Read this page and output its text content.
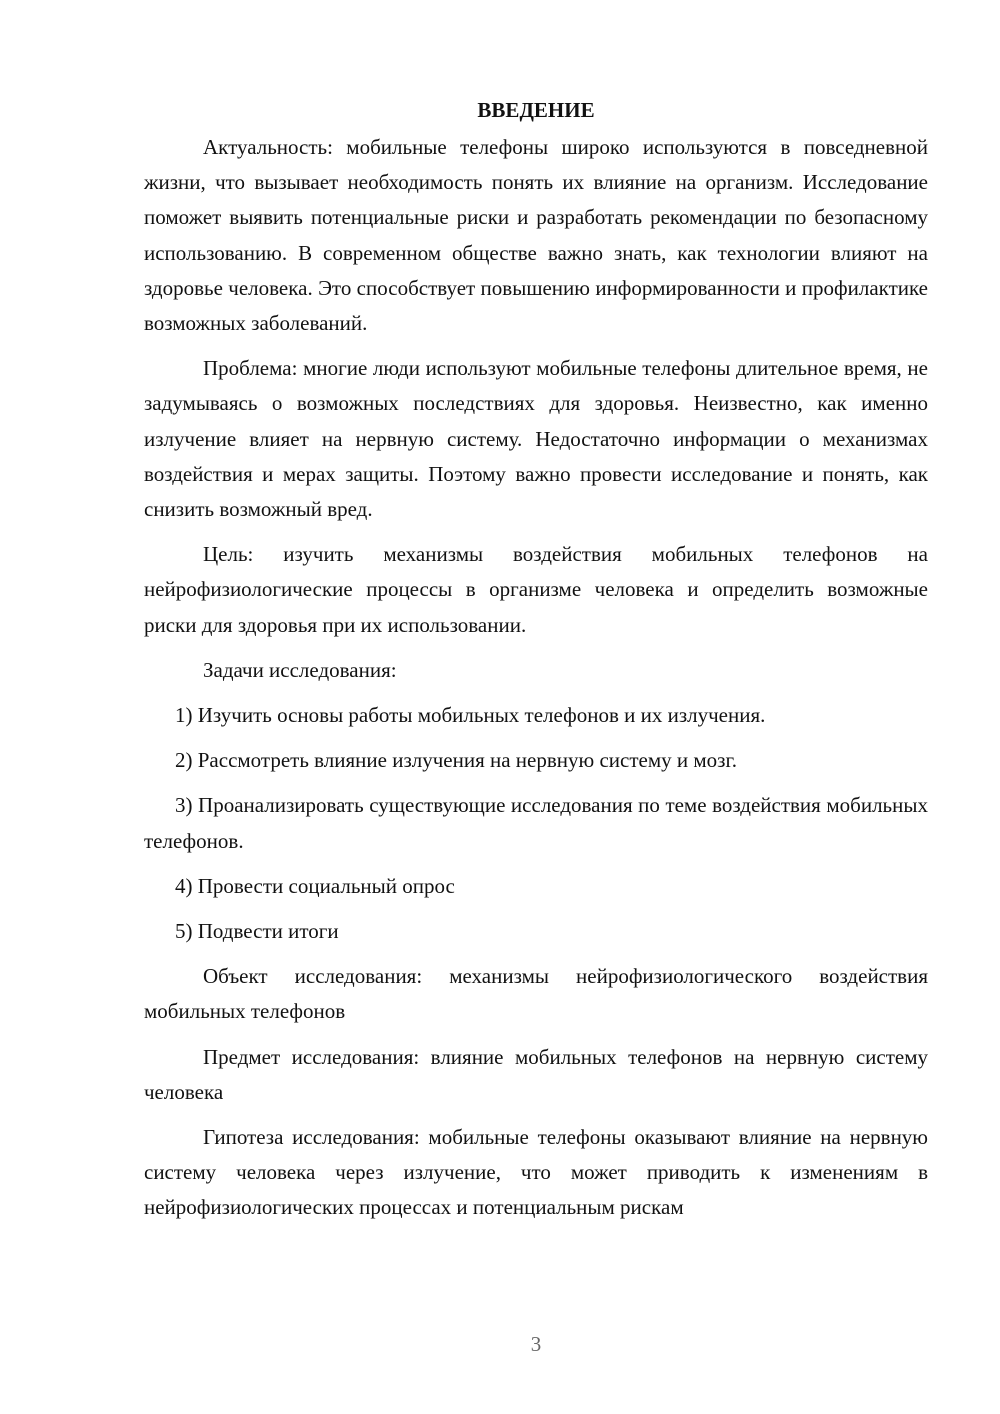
ВВЕДЕНИЕ

Актуальность: мобильные телефоны широко используются в повседневной жизни, что вызывает необходимость понять их влияние на организм. Исследование поможет выявить потенциальные риски и разработать рекомендации по безопасному использованию. В современном обществе важно знать, как технологии влияют на здоровье человека. Это способствует повышению информированности и профилактике возможных заболеваний.

Проблема: многие люди используют мобильные телефоны длительное время, не задумываясь о возможных последствиях для здоровья. Неизвестно, как именно излучение влияет на нервную систему. Недостаточно информации о механизмах воздействия и мерах защиты. Поэтому важно провести исследование и понять, как снизить возможный вред.

Цель: изучить механизмы воздействия мобильных телефонов на нейрофизиологические процессы в организме человека и определить возможные риски для здоровья при их использовании.

Задачи исследования:

1) Изучить основы работы мобильных телефонов и их излучения.

2) Рассмотреть влияние излучения на нервную систему и мозг.

3) Проанализировать существующие исследования по теме воздействия мобильных телефонов.

4) Провести социальный опрос

5) Подвести итоги

Объект исследования: механизмы нейрофизиологического воздействия мобильных телефонов

Предмет исследования: влияние мобильных телефонов на нервную систему человека

Гипотеза исследования: мобильные телефоны оказывают влияние на нервную систему человека через излучение, что может приводить к изменениям в нейрофизиологических процессах и потенциальным рискам

3
